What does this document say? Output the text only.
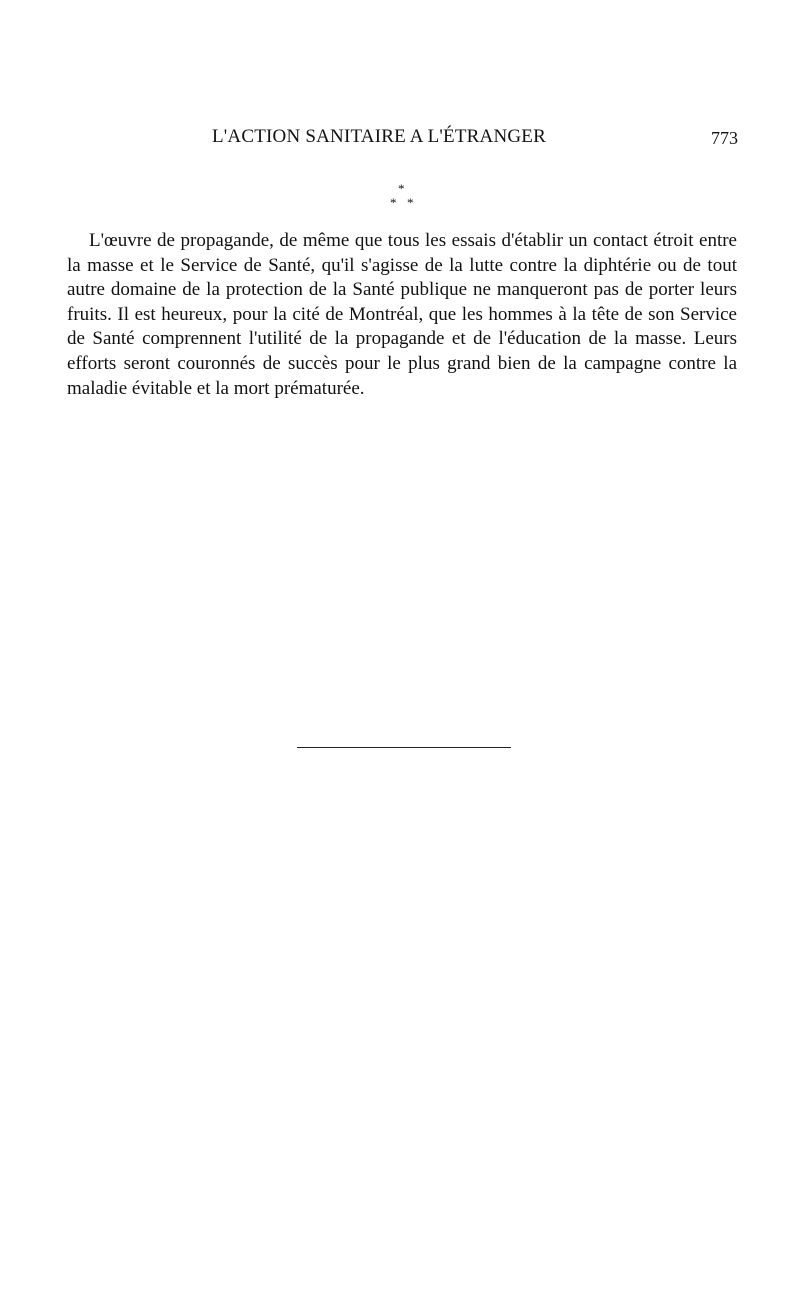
L'ACTION SANITAIRE A L'ÉTRANGER	773
*
* *

L'œuvre de propagande, de même que tous les essais d'établir un contact étroit entre la masse et le Service de Santé, qu'il s'agisse de la lutte contre la diphtérie ou de tout autre domaine de la protection de la Santé publique ne manqueront pas de porter leurs fruits. Il est heureux, pour la cité de Montréal, que les hommes à la tête de son Service de Santé comprennent l'utilité de la propagande et de l'éducation de la masse. Leurs efforts seront couronnés de succès pour le plus grand bien de la campagne contre la maladie évitable et la mort prématurée.
